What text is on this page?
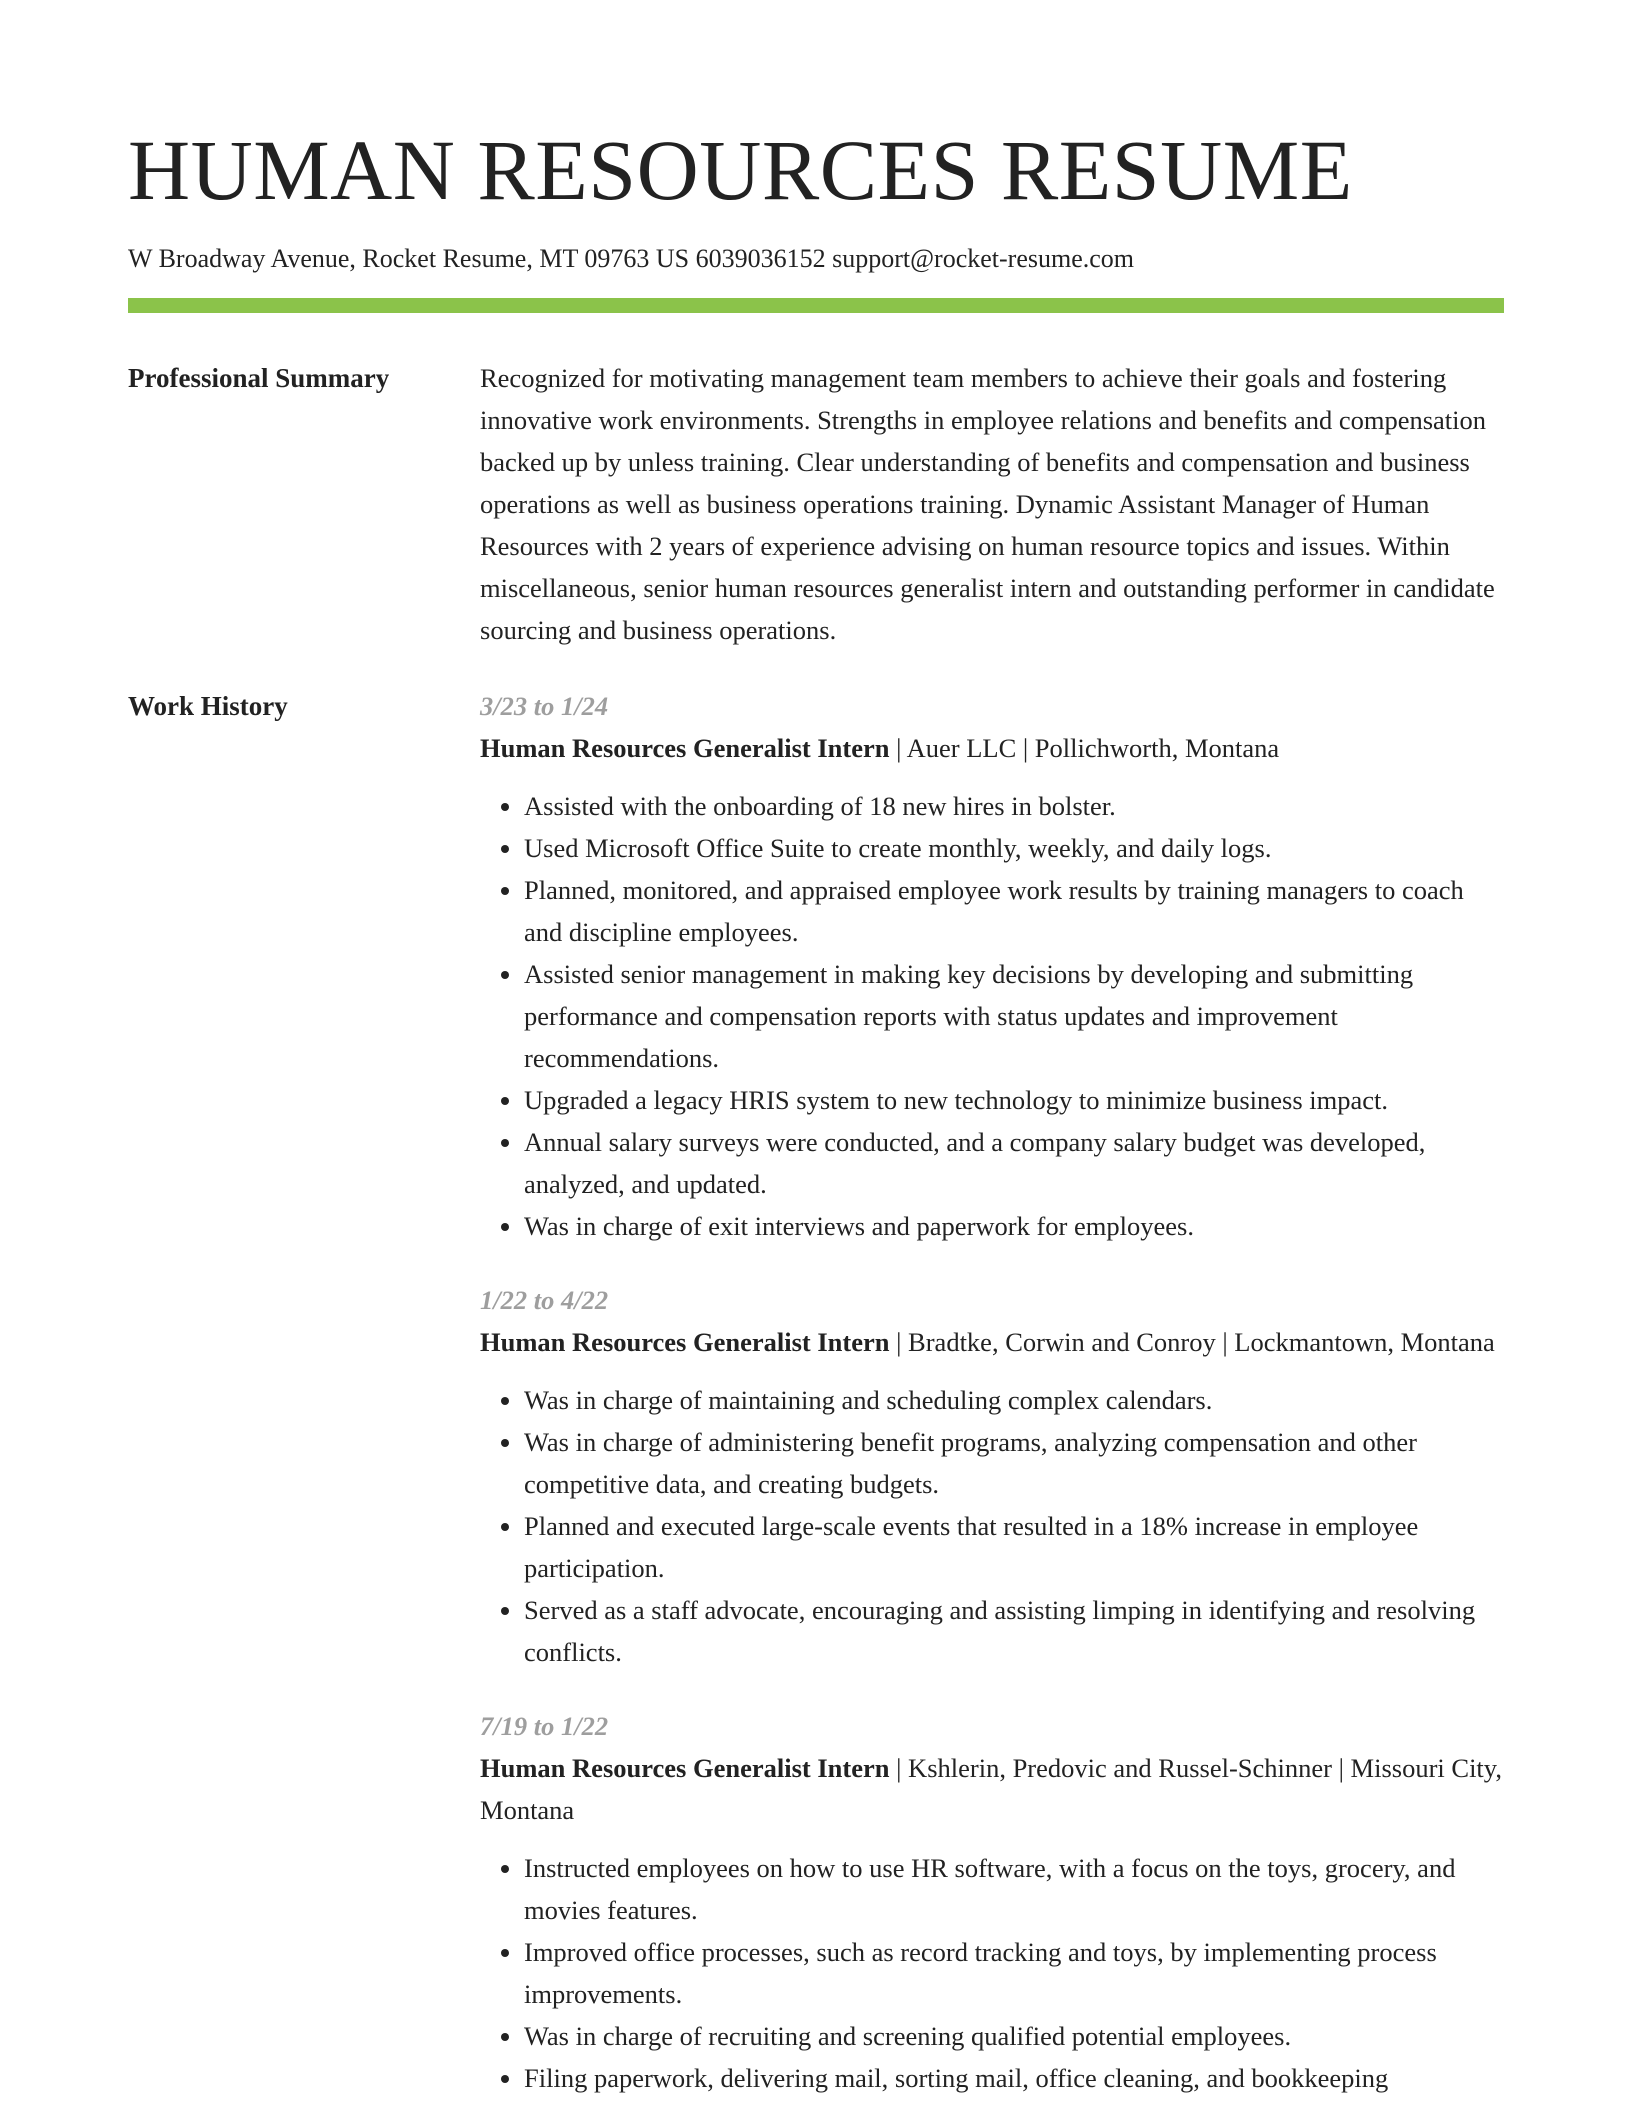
HUMAN RESOURCES RESUME
W Broadway Avenue, Rocket Resume, MT 09763 US 6039036152 support@rocket-resume.com
Professional Summary	Recognized for motivating management team members to achieve their goals and fostering innovative work environments. Strengths in employee relations and benefits and compensation backed up by unless training. Clear understanding of benefits and compensation and business operations as well as business operations training. Dynamic Assistant Manager of Human Resources with 2 years of experience advising on human resource topics and issues. Within miscellaneous, senior human resources generalist intern and outstanding performer in candidate sourcing and business operations.

Work History	3/23 to 1/24
Human Resources Generalist Intern | Auer LLC | Pollichworth, Montana
• Assisted with the onboarding of 18 new hires in bolster.
• Used Microsoft Office Suite to create monthly, weekly, and daily logs.
• Planned, monitored, and appraised employee work results by training managers to coach and discipline employees.
• Assisted senior management in making key decisions by developing and submitting performance and compensation reports with status updates and improvement recommendations.
• Upgraded a legacy HRIS system to new technology to minimize business impact.
• Annual salary surveys were conducted, and a company salary budget was developed, analyzed, and updated.
• Was in charge of exit interviews and paperwork for employees.
1/22 to 4/22
Human Resources Generalist Intern | Bradtke, Corwin and Conroy | Lockmantown, Montana
• Was in charge of maintaining and scheduling complex calendars.
• Was in charge of administering benefit programs, analyzing compensation and other competitive data, and creating budgets.
• Planned and executed large-scale events that resulted in a 18% increase in employee participation.
• Served as a staff advocate, encouraging and assisting limping in identifying and resolving conflicts.
7/19 to 1/22
Human Resources Generalist Intern | Kshlerin, Predovic and Russel-Schinner | Missouri City, Montana
• Instructed employees on how to use HR software, with a focus on the toys, grocery, and movies features.
• Improved office processes, such as record tracking and toys, by implementing process improvements.
• Was in charge of recruiting and screening qualified potential employees.
• Filing paperwork, delivering mail, sorting mail, office cleaning, and bookkeeping
